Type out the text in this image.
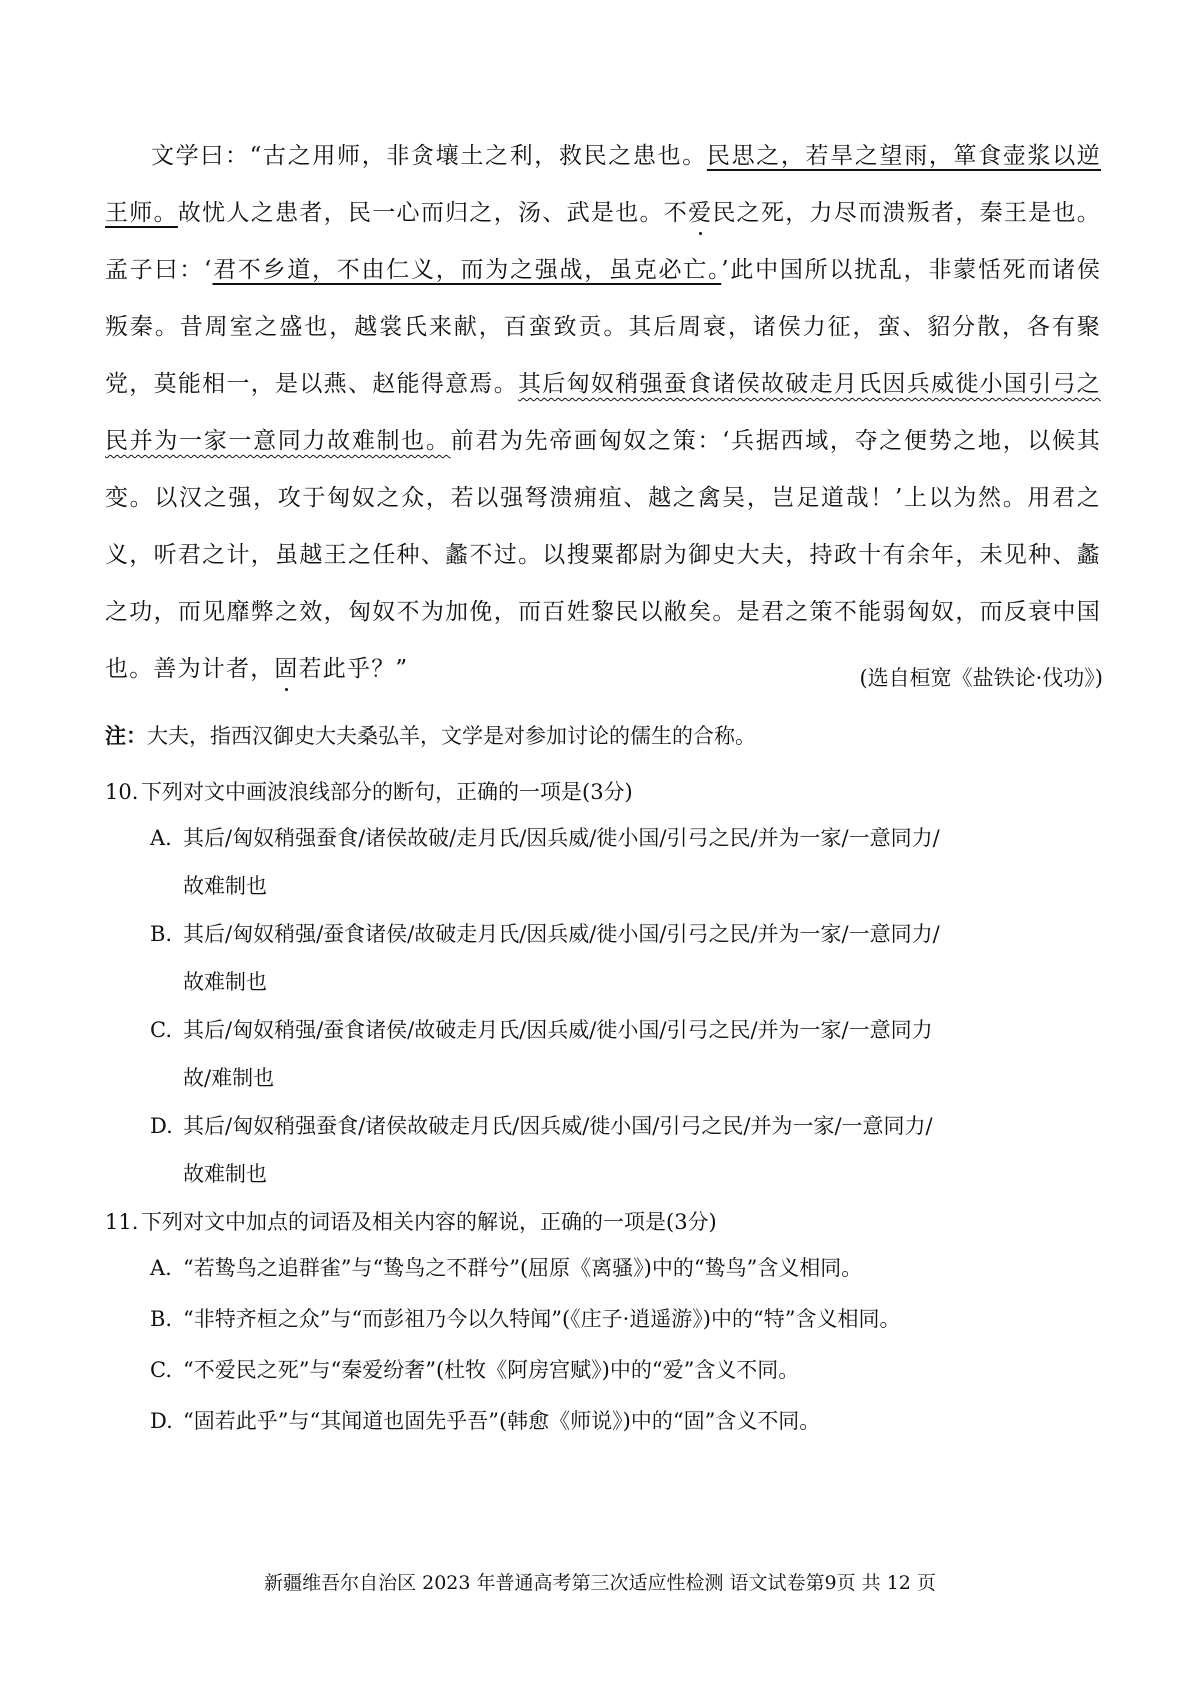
文学曰：“古之用师，非贪壤土之利，救民之患也。民思之，若旱之望雨，箪食壶浆以逆王师。故忧人之患者，民一心而归之，汤、武是也。不爱民之死，力尽而溃叛者，秦王是也。孟子曰：‘君不乡道，不由仁义，而为之强战，虽克必亡。’此中国所以扰乱，非蒙恬死而诸侯叛秦。昔周室之盛也，越裳氏来献，百蛮致贡。其后周衰，诸侯力征，蛮、貂分散，各有聚党，莫能相一，是以燕、赵能得意焉。其后匈奴稍强蚕食诸侯故破走月氏因兵威徙小国引弓之民并为一家一意同力故难制也。前君为先帝画匈奴之策：‘兵据西域，夺之便势之地，以候其变。以汉之强，攻于匈奴之众，若以强弩溃痈疽、越之禽吴，岂足道哉！’上以为然。用君之义，听君之计，虽越王之任种、蠡不过。以搜粟都尉为御史大夫，持政十有余年，未见种、蠡之功，而见靡弊之效，匈奴不为加俛，而百姓黎民以敝矣。是君之策不能弱匈奴，而反衰中国也。善为计者，固若此乎？”	(选自桓宽《盐铁论·伐功》)
注：大夫，指西汉御史大夫桑弘羊，文学是对参加讨论的儒生的合称。
10. 下列对文中画波浪线部分的断句，正确的一项是(3分)
A. 其后/匈奴稍强蚕食/诸侯故破/走月氏/因兵威/徙小国/引弓之民/并为一家/一意同力/
故难制也
B. 其后/匈奴稍强/蚕食诸侯/故破走月氏/因兵威/徙小国/引弓之民/并为一家/一意同力/
故难制也
C. 其后/匈奴稍强/蚕食诸侯/故破走月氏/因兵威/徙小国/引弓之民/并为一家/一意同力
故/难制也
D. 其后/匈奴稍强蚕食/诸侯故破走月氏/因兵威/徙小国/引弓之民/并为一家/一意同力/
故难制也
11. 下列对文中加点的词语及相关内容的解说，正确的一项是(3分)
A. “若鸷鸟之追群雀”与“鸷鸟之不群兮”(屈原《离骚》)中的“鸷鸟”含义相同。
B. “非特齐桓之众”与“而彭祖乃今以久特闻”(《庄子·逍遥游》)中的“特”含义相同。
C. “不爱民之死”与“秦爱纷奢”(杜牧《阿房宫赋》)中的“爱”含义不同。
D. “固若此乎”与“其闻道也固先乎吾”(韩愈《师说》)中的“固”含义不同。
新疆维吾尔自治区 2023 年普通高考第三次适应性检测 语文试卷第9页 共 12 页
